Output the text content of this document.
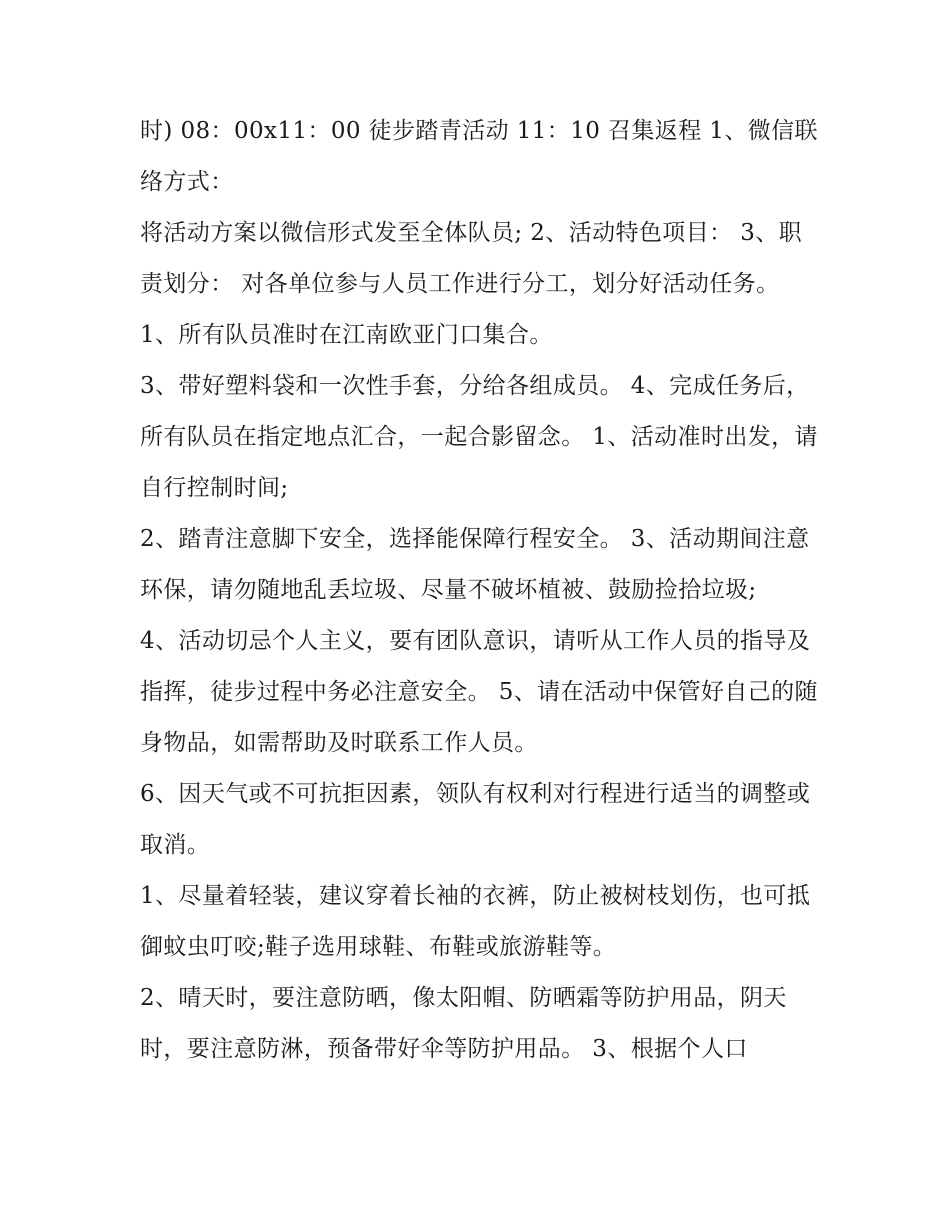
时) 08：00x11：00 徒步踏青活动 11：10 召集返程 1、微信联络方式：

将活动方案以微信形式发至全体队员; 2、活动特色项目： 3、职责划分： 对各单位参与人员工作进行分工，划分好活动任务。 1、所有队员准时在江南欧亚门口集合。

3、带好塑料袋和一次性手套，分给各组成员。 4、完成任务后，所有队员在指定地点汇合，一起合影留念。 1、活动准时出发，请自行控制时间;

2、踏青注意脚下安全，选择能保障行程安全。 3、活动期间注意环保，请勿随地乱丢垃圾、尽量不破坏植被、鼓励捡拾垃圾;

4、活动切忌个人主义，要有团队意识，请听从工作人员的指导及指挥，徒步过程中务必注意安全。 5、请在活动中保管好自己的随身物品，如需帮助及时联系工作人员。

6、因天气或不可抗拒因素，领队有权利对行程进行适当的调整或取消。

1、尽量着轻装，建议穿着长袖的衣裤，防止被树枝划伤，也可抵御蚊虫叮咬;鞋子选用球鞋、布鞋或旅游鞋等。

2、晴天时，要注意防晒，像太阳帽、防晒霜等防护用品，阴天时，要注意防淋，预备带好伞等防护用品。 3、根据个人口
